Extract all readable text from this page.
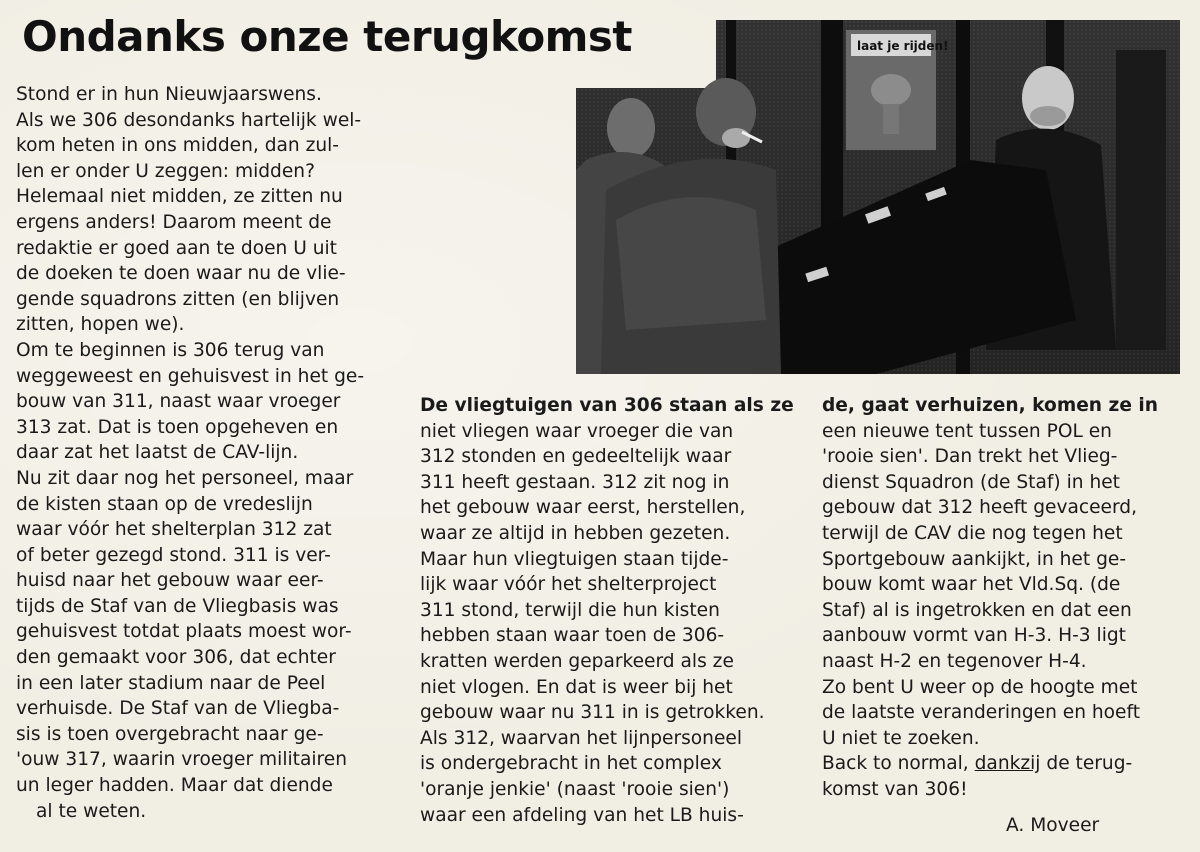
Ondanks onze terugkomst	laat je rijden!
Stond er in hun Nieuwjaarswens.
Als we 306 desondanks hartelijk wel-
kom heten in ons midden, dan zul-
len er onder U zeggen: midden?
Helemaal niet midden, ze zitten nu
ergens anders! Daarom meent de
redaktie er goed aan te doen U uit
de doeken te doen waar nu de vlie-
gende squadrons zitten (en blijven
zitten, hopen we).
Om te beginnen is 306 terug van
weggeweest en gehuisvest in het ge-
bouw van 311, naast waar vroeger
313 zat. Dat is toen opgeheven en
daar zat het laatst de CAV-lijn.
Nu zit daar nog het personeel, maar
de kisten staan op de vredeslijn
waar vóór het shelterplan 312 zat
of beter gezegd stond. 311 is ver-
huisd naar het gebouw waar eer-
tijds de Staf van de Vliegbasis was
gehuisvest totdat plaats moest wor-
den gemaakt voor 306, dat echter
in een later stadium naar de Peel
verhuisde. De Staf van de Vliegba-
sis is toen overgebracht naar ge-
'ouw 317, waarin vroeger militairen
un leger hadden. Maar dat diende
al te weten.
De vliegtuigen van 306 staan als ze
niet vliegen waar vroeger die van
312 stonden en gedeeltelijk waar
311 heeft gestaan. 312 zit nog in
het gebouw waar eerst, herstellen,
waar ze altijd in hebben gezeten.
Maar hun vliegtuigen staan tijde-
lijk waar vóór het shelterproject
311 stond, terwijl die hun kisten
hebben staan waar toen de 306-
kratten werden geparkeerd als ze
niet vlogen. En dat is weer bij het
gebouw waar nu 311 in is getrokken.
Als 312, waarvan het lijnpersoneel
is ondergebracht in het complex
'oranje jenkie' (naast 'rooie sien')
waar een afdeling van het LB huis-
de, gaat verhuizen, komen ze in
een nieuwe tent tussen POL en
'rooie sien'. Dan trekt het Vlieg-
dienst Squadron (de Staf) in het
gebouw dat 312 heeft gevaceerd,
terwijl de CAV die nog tegen het
Sportgebouw aankijkt, in het ge-
bouw komt waar het Vld.Sq. (de
Staf) al is ingetrokken en dat een
aanbouw vormt van H-3. H-3 ligt
naast H-2 en tegenover H-4.
Zo bent U weer op de hoogte met
de laatste veranderingen en hoeft
U niet te zoeken.
Back to normal, dankzij de terug-
komst van 306!
A. Moveer
